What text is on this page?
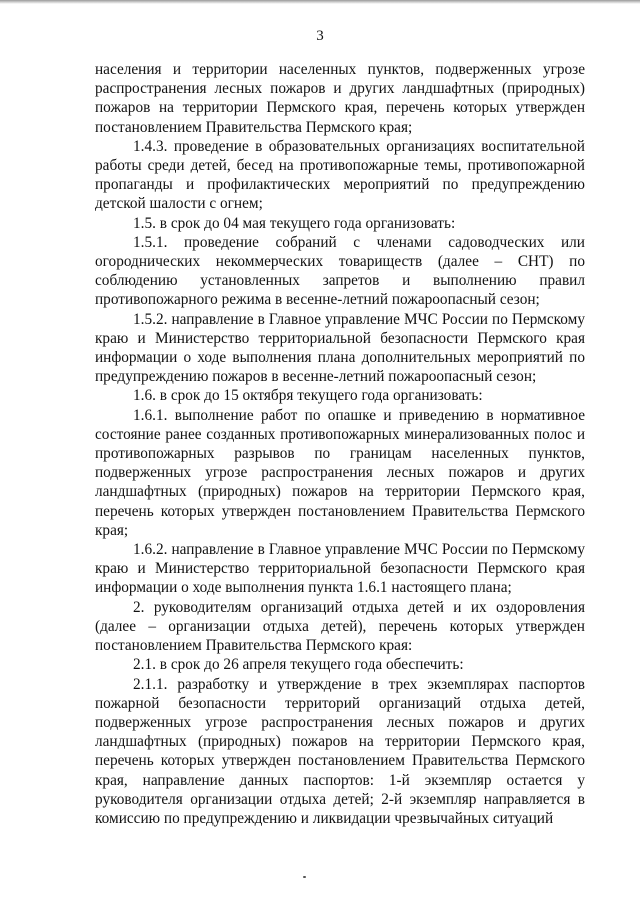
3

населения и территории населенных пунктов, подверженных угрозе распространения лесных пожаров и других ландшафтных (природных) пожаров на территории Пермского края, перечень которых утвержден постановлением Правительства Пермского края;

1.4.3. проведение в образовательных организациях воспитательной работы среди детей, бесед на противопожарные темы, противопожарной пропаганды и профилактических мероприятий по предупреждению детской шалости с огнем;

1.5. в срок до 04 мая текущего года организовать:

1.5.1. проведение собраний с членами садоводческих или огороднических некоммерческих товариществ (далее – СНТ) по соблюдению установленных запретов и выполнению правил противопожарного режима в весенне-летний пожароопасный сезон;

1.5.2. направление в Главное управление МЧС России по Пермскому краю и Министерство территориальной безопасности Пермского края информации о ходе выполнения плана дополнительных мероприятий по предупреждению пожаров в весенне-летний пожароопасный сезон;

1.6. в срок до 15 октября текущего года организовать:

1.6.1. выполнение работ по опашке и приведению в нормативное состояние ранее созданных противопожарных минерализованных полос и противопожарных разрывов по границам населенных пунктов, подверженных угрозе распространения лесных пожаров и других ландшафтных (природных) пожаров на территории Пермского края, перечень которых утвержден постановлением Правительства Пермского края;

1.6.2. направление в Главное управление МЧС России по Пермскому краю и Министерство территориальной безопасности Пермского края информации о ходе выполнения пункта 1.6.1 настоящего плана;

2. руководителям организаций отдыха детей и их оздоровления (далее – организации отдыха детей), перечень которых утвержден постановлением Правительства Пермского края:

2.1. в срок до 26 апреля текущего года обеспечить:

2.1.1. разработку и утверждение в трех экземплярах паспортов пожарной безопасности территорий организаций отдыха детей, подверженных угрозе распространения лесных пожаров и других ландшафтных (природных) пожаров на территории Пермского края, перечень которых утвержден постановлением Правительства Пермского края, направление данных паспортов: 1-й экземпляр остается у руководителя организации отдыха детей; 2-й экземпляр направляется в комиссию по предупреждению и ликвидации чрезвычайных ситуаций
